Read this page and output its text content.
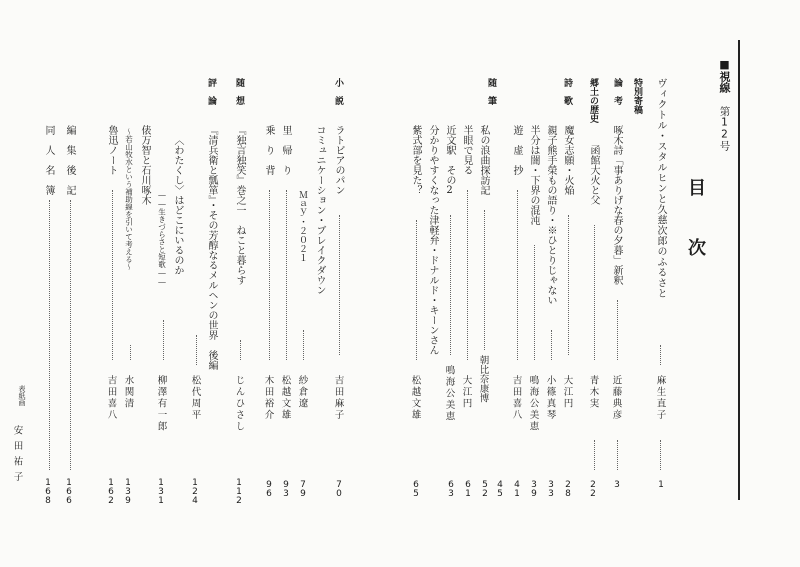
■視線
第12号
目　次
ヴィクトル・スタルヒンと久慈次郎のふるさと
麻生直子
1
特別寄稿
論　考
啄木詩「事ありげな春の夕暮」新釈
近藤典彦
3
郷土の歴史
函館大火と父
青木実
22
詩　歌
魔女志願・火焔
大江円
親子熊手榮もの語り・※ひとりじゃない
小篠真琴
半分は闇・下界の混沌
鳴海公美恵
遊　虚　抄
吉田喜八
28
33
39
41
45
随　筆
私の浪曲探訪記
朝比奈康博
半眼で見る
大江円
近文駅　その2
鳴海公美恵
分かりやすくなった津軽弁・ドナルド・キーンさん
紫式部を見た？
松越文雄
65	63 61 52
小　説
ラトビアのパン
吉田麻子
70
コミュニケーション・ブレイクダウン
Ｍａｙ・２０２１
紗倉遼
里　帰　り
松越文雄
乗　り　背
木田裕介
79
93
96
随　想
『独言独笑』巻之一　ねこと暮らす
じんひさし
112
評　論
『清兵衛と瓢箪』・その芳醇なるメルヘンの世界　後編
松代周平
〈わたくし〉はどこにいるのか
――生きづらさと短歌――
柳澤有一郎
俵万智と石川啄木
～若山牧水という補助線を引いて考える～
水関清
魯迅ノート
吉田喜八
124
131
139
162
編　集　後　記
166
同　人　名　簿
168
表紙画
安田祐子
